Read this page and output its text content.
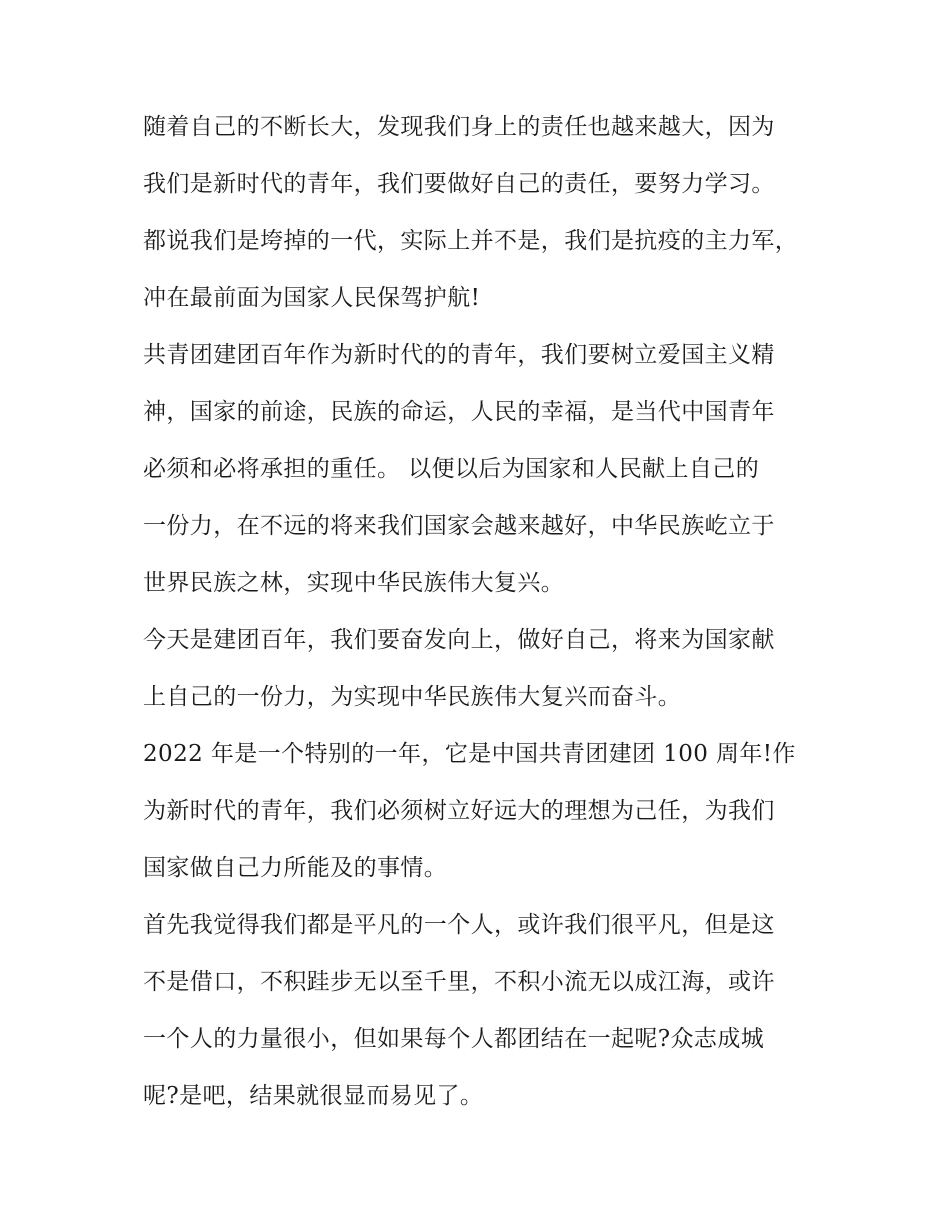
随着自己的不断长大，发现我们身上的责任也越来越大，因为
我们是新时代的青年，我们要做好自己的责任，要努力学习。
都说我们是垮掉的一代，实际上并不是，我们是抗疫的主力军，
冲在最前面为国家人民保驾护航!
共青团建团百年作为新时代的的青年，我们要树立爱国主义精
神，国家的前途，民族的命运，人民的幸福，是当代中国青年
必须和必将承担的重任。 以便以后为国家和人民献上自己的
一份力，在不远的将来我们国家会越来越好，中华民族屹立于
世界民族之林，实现中华民族伟大复兴。
今天是建团百年，我们要奋发向上，做好自己，将来为国家献
上自己的一份力，为实现中华民族伟大复兴而奋斗。
2022 年是一个特别的一年，它是中国共青团建团 100 周年!作
为新时代的青年，我们必须树立好远大的理想为己任，为我们
国家做自己力所能及的事情。
首先我觉得我们都是平凡的一个人，或许我们很平凡，但是这
不是借口，不积跬步无以至千里，不积小流无以成江海，或许
一个人的力量很小，但如果每个人都团结在一起呢?众志成城
呢?是吧，结果就很显而易见了。
